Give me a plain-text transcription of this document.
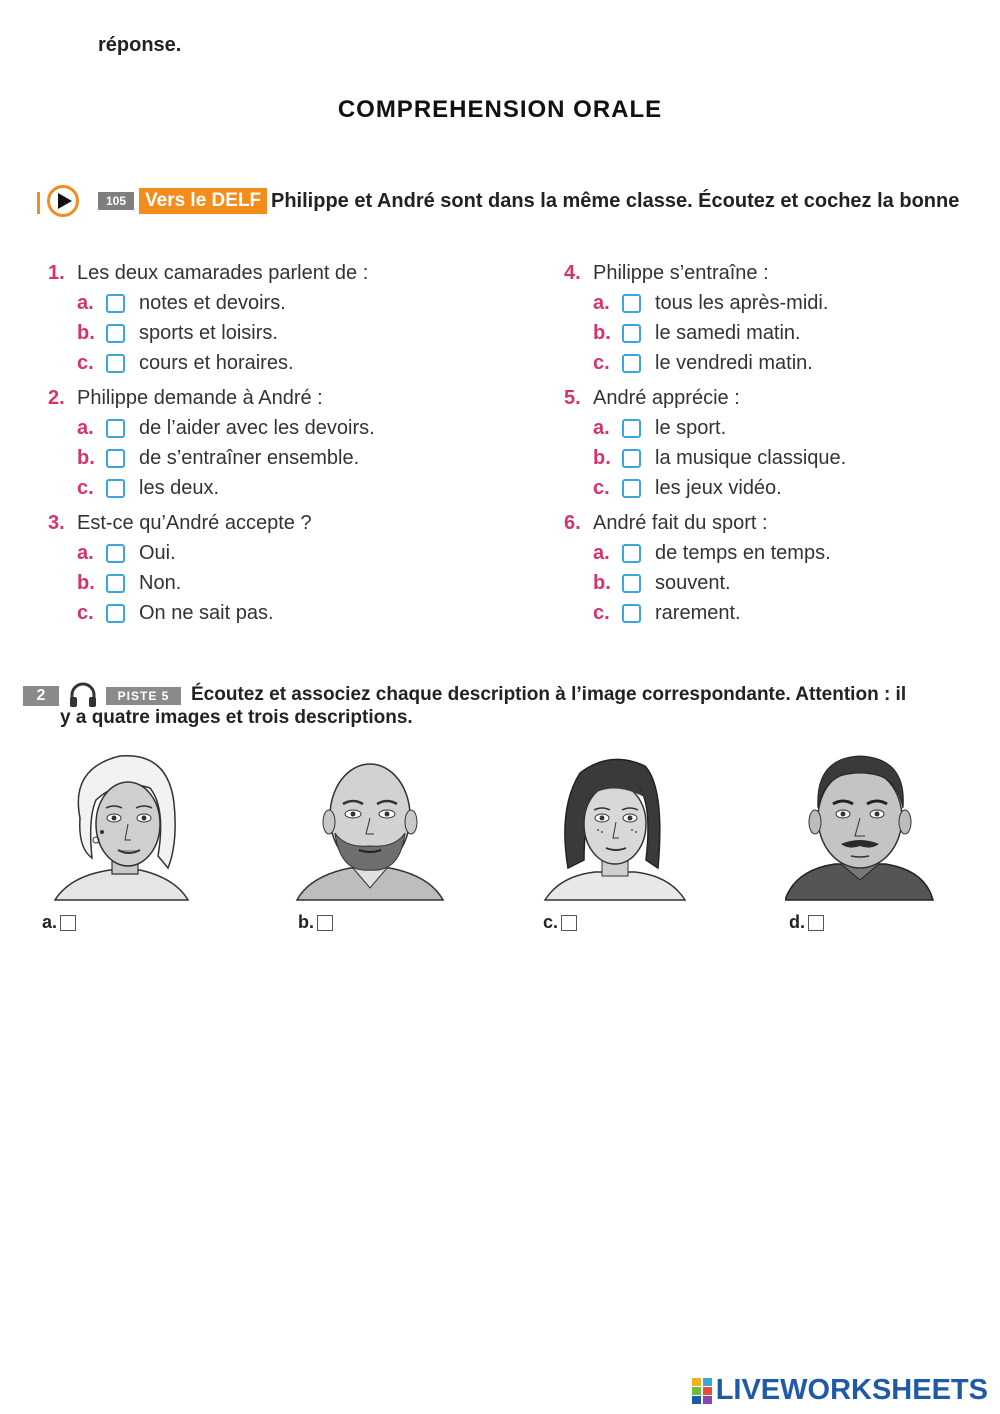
COMPREHENSION ORALE
105 Vers le DELF Philippe et André sont dans la même classe. Écoutez et cochez la bonne
réponse.
1. Les deux camarades parlent de :
a.	notes et devoirs.
b.	sports et loisirs.
c.	cours et horaires.
2. Philippe demande à André :
a.	de l’aider avec les devoirs.
b.	de s’entraîner ensemble.
c.	les deux.
3. Est-ce qu’André accepte ?
a.	Oui.
b.	Non.
c.	On ne sait pas.
4. Philippe s’entraîne :
a.	tous les après-midi.
b.	le samedi matin.
c.	le vendredi matin.
5. André apprécie :
a.	le sport.
b.	la musique classique.
c.	les jeux vidéo.
6. André fait du sport :
a.	de temps en temps.
b.	souvent.
c.	rarement.
2	PISTE 5	Écoutez et associez chaque description à l’image correspondante. Attention : il
y a quatre images et trois descriptions.
a.	b.	c.	d.
LIVEWORKSHEETS
